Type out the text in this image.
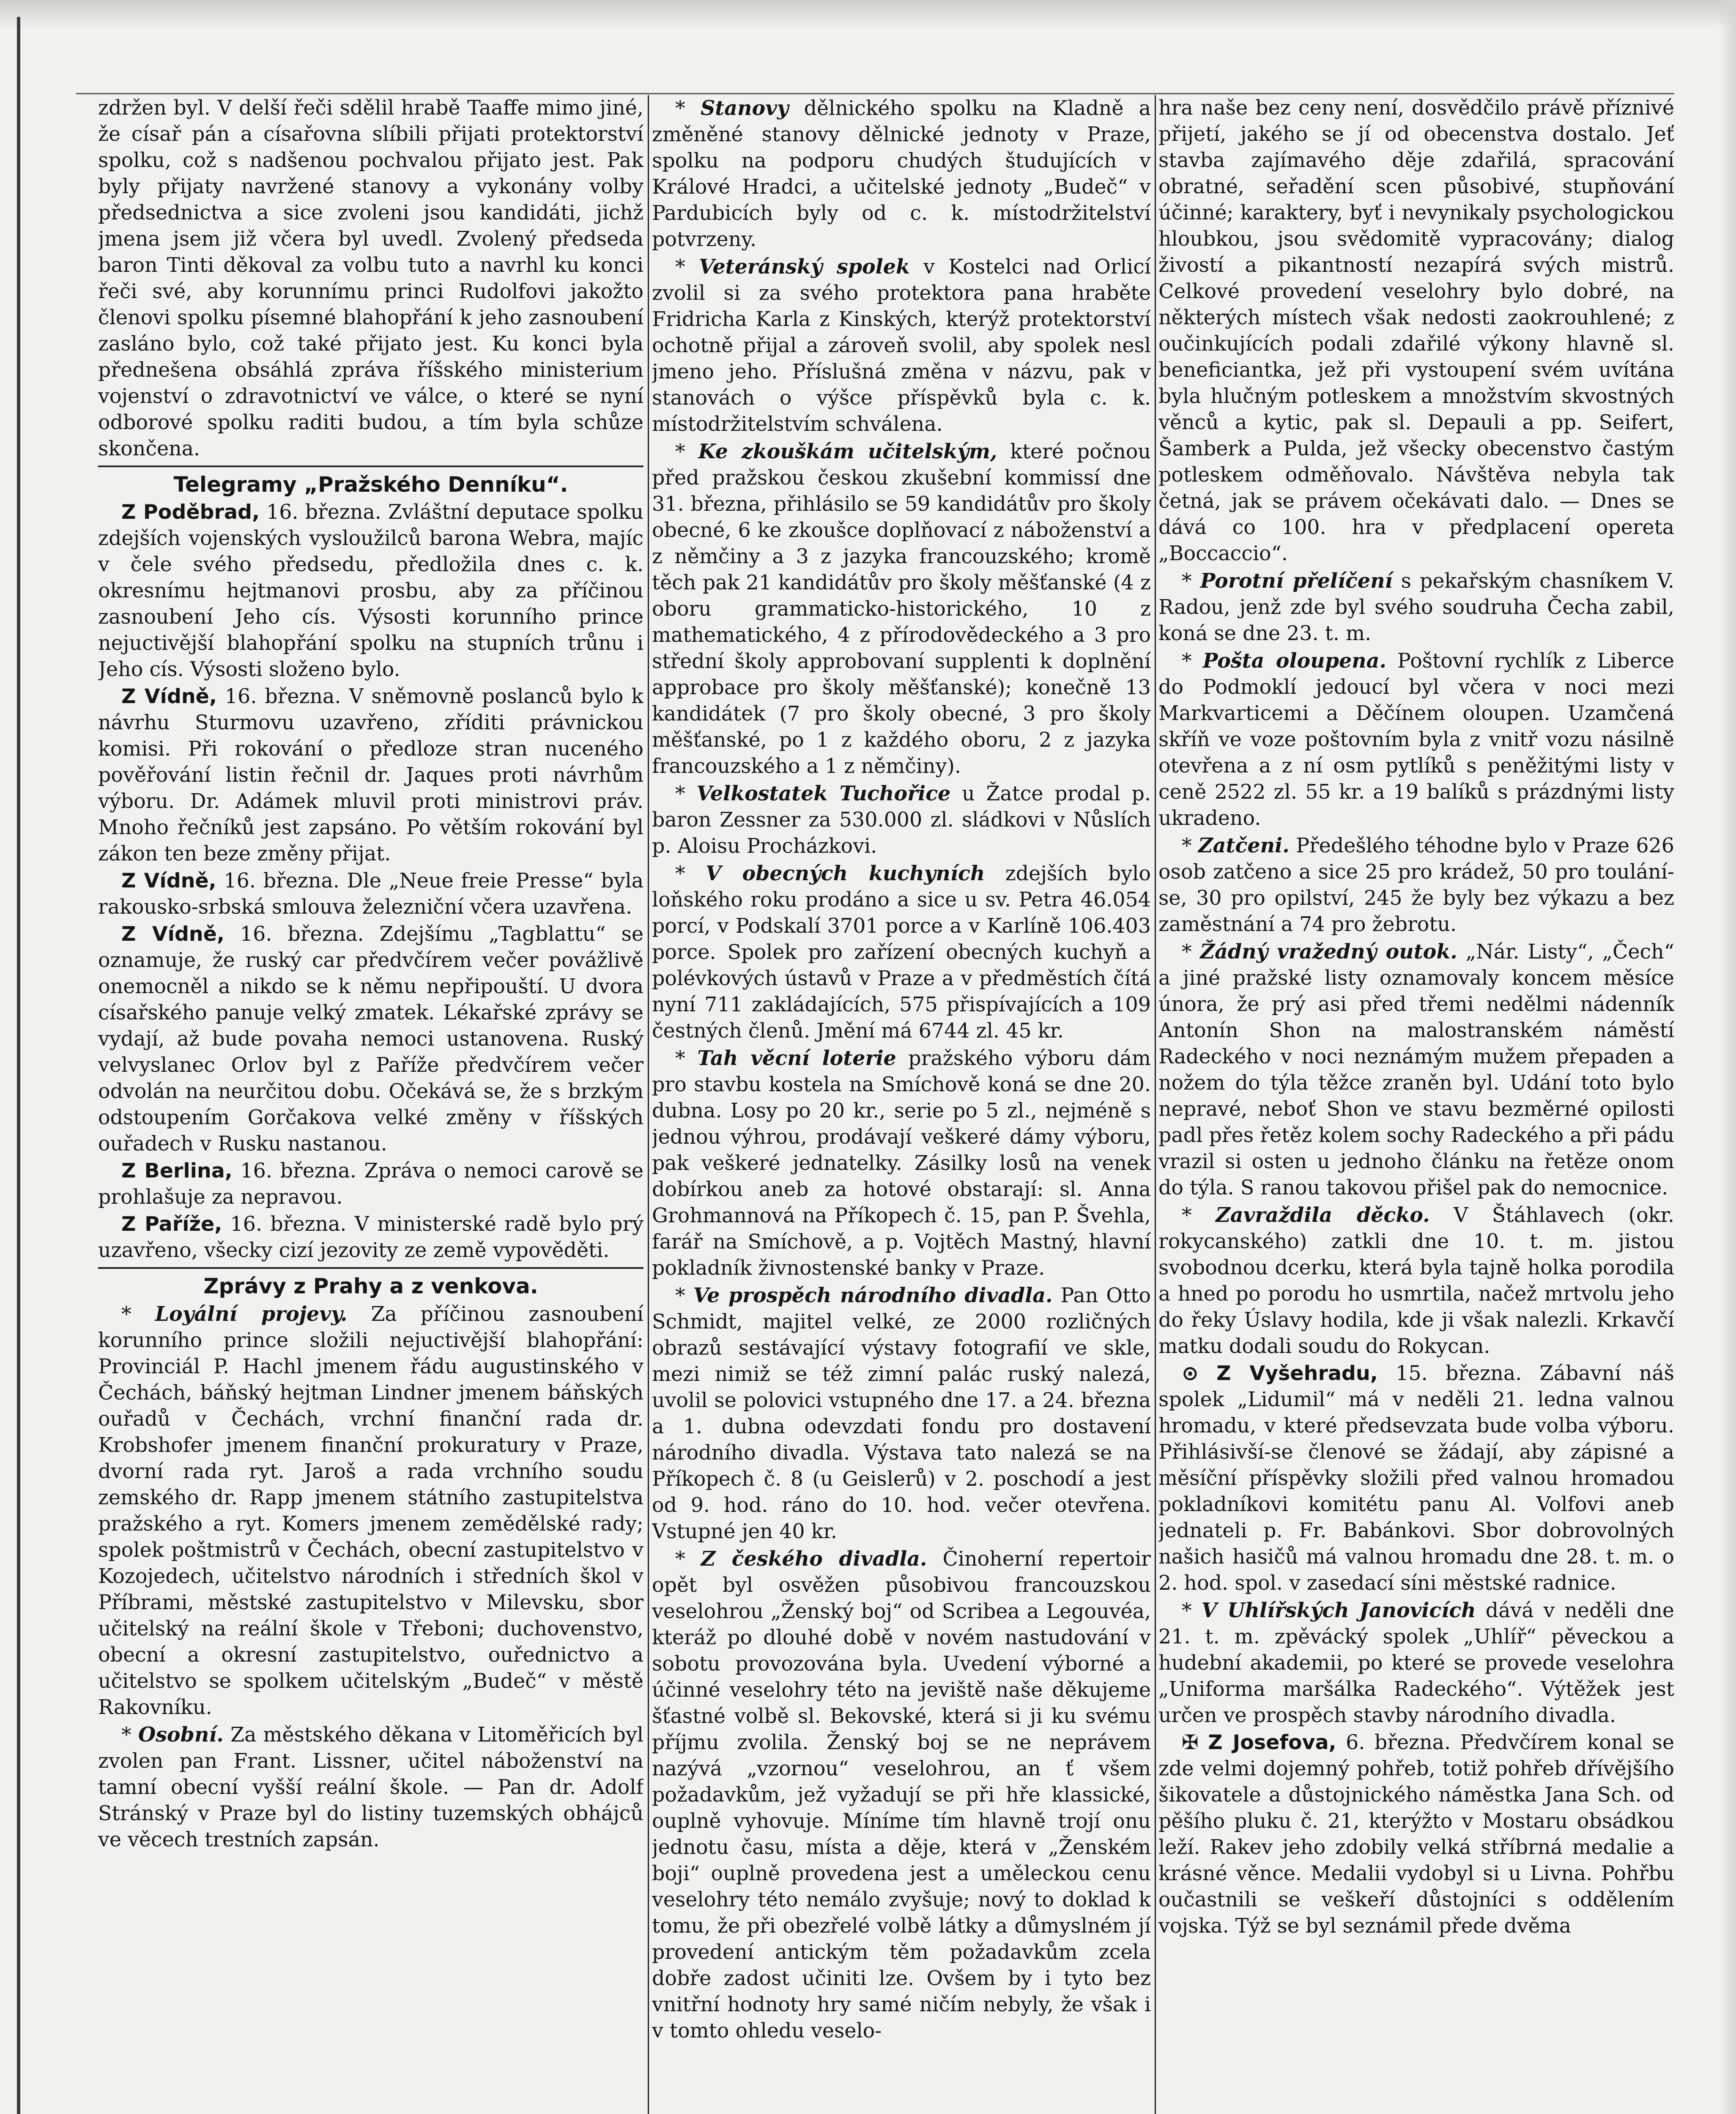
zdržen byl. V delší řeči sdělil hrabě Taaffe mimo jiné, že císař pán a císařovna slíbili přijati protektorství spolku, což s nadšenou pochvalou přijato jest. Pak byly přijaty navržené stanovy a vykonány volby předsednictva a sice zvoleni jsou kandidáti, jichž jmena jsem již včera byl uvedl. Zvolený předseda baron Tinti děkoval za volbu tuto a navrhl ku konci řeči své, aby korunnímu princi Rudolfovi jakožto členovi spolku písemné blahopřání k jeho zasnoubení zasláno bylo, což také přijato jest. Ku konci byla přednešena obsáhlá zpráva říšského ministerium vojenství o zdravotnictví ve válce, o které se nyní odborové spolku raditi budou, a tím byla schůze skončena.

Telegramy „Pražského Denníku“.

Z Poděbrad, 16. března. Zvláštní deputace spolku zdejších vojenských vysloužilců barona Webra, majíc v čele svého předsedu, předložila dnes c. k. okresnímu hejtmanovi prosbu, aby za příčinou zasnoubení Jeho cís. Výsosti korunního prince nejuctivější blahopřání spolku na stupních trůnu i Jeho cís. Výsosti složeno bylo.

Z Vídně, 16. března. V sněmovně poslanců bylo k návrhu Sturmovu uzavřeno, zříditi právnickou komisi. Při rokování o předloze stran nuceného pověřování listin řečnil dr. Jaques proti návrhům výboru. Dr. Adámek mluvil proti ministrovi práv. Mnoho řečníků jest zapsáno. Po větším rokování byl zákon ten beze změny přijat.

Z Vídně, 16. března. Dle „Neue freie Presse“ byla rakousko-srbská smlouva železniční včera uzavřena.

Z Vídně, 16. března. Zdejšímu „Tagblattu“ se oznamuje, že ruský car předvčírem večer povážlivě onemocněl a nikdo se k němu nepřipouští. U dvora císařského panuje velký zmatek. Lékařské zprávy se vydají, až bude povaha nemoci ustanovena. Ruský velvyslanec Orlov byl z Paříže předvčírem večer odvolán na neurčitou dobu. Očekává se, že s brzkým odstoupením Gorčakova velké změny v říšských ouřadech v Rusku nastanou.

Z Berlina, 16. března. Zpráva o nemoci carově se prohlašuje za nepravou.

Z Paříže, 16. března. V ministerské radě bylo prý uzavřeno, všecky cizí jezovity ze země vypověděti.

Zprávy z Prahy a z venkova.

* Loyální projevy. Za příčinou zasnoubení korunního prince složili nejuctivější blahopřání: Provinciál P. Hachl jmenem řádu augustinského v Čechách, báňský hejtman Lindner jmenem báňských ouřadů v Čechách, vrchní finanční rada dr. Krobshofer jmenem finanční prokuratury v Praze, dvorní rada ryt. Jaroš a rada vrchního soudu zemského dr. Rapp jmenem státního zastupitelstva pražského a ryt. Komers jmenem zemědělské rady; spolek poštmistrů v Čechách, obecní zastupitelstvo v Kozojedech, učitelstvo národních i středních škol v Příbrami, městské zastupitelstvo v Milevsku, sbor učitelský na reální škole v Třeboni; duchovenstvo, obecní a okresní zastupitelstvo, ouřednictvo a učitelstvo se spolkem učitelským „Budeč“ v městě Rakovníku.

* Osobní. Za městského děkana v Litoměřicích byl zvolen pan Frant. Lissner, učitel náboženství na tamní obecní vyšší reální škole. — Pan dr. Adolf Stránský v Praze byl do listiny tuzemských obhájců ve věcech trestních zapsán.

* Stanovy dělnického spolku na Kladně a změněné stanovy dělnické jednoty v Praze, spolku na podporu chudých študujících v Králové Hradci, a učitelské jednoty „Budeč“ v Pardubicích byly od c. k. místodržitelství potvrzeny.

* Veteránský spolek v Kostelci nad Orlicí zvolil si za svého protektora pana hraběte Fridricha Karla z Kinských, kterýž protektorství ochotně přijal a zároveň svolil, aby spolek nesl jmeno jeho. Příslušná změna v názvu, pak v stanovách o výšce příspěvků byla c. k. místodržitelstvím schválena.

* Ke zkouškám učitelským, které počnou před pražskou českou zkušební kommissí dne 31. března, přihlásilo se 59 kandidátův pro školy obecné, 6 ke zkoušce doplňovací z náboženství a z němčiny a 3 z jazyka francouzského; kromě těch pak 21 kandidátův pro školy měšťanské (4 z oboru grammaticko-historického, 10 z mathematického, 4 z přírodovědeckého a 3 pro střední školy approbovaní supplenti k doplnění approbace pro školy měšťanské); konečně 13 kandidátek (7 pro školy obecné, 3 pro školy měšťanské, po 1 z každého oboru, 2 z jazyka francouzského a 1 z němčiny).

* Velkostatek Tuchořice u Žatce prodal p. baron Zessner za 530.000 zl. sládkovi v Nůslích p. Aloisu Procházkovi.

* V obecných kuchyních zdejších bylo loňského roku prodáno a sice u sv. Petra 46.054 porcí, v Podskalí 3701 porce a v Karlíně 106.403 porce. Spolek pro zařízení obecných kuchyň a polévkových ústavů v Praze a v předměstích čítá nyní 711 zakládajících, 575 přispívajících a 109 čestných členů. Jmění má 6744 zl. 45 kr.

* Tah věcní loterie pražského výboru dám pro stavbu kostela na Smíchově koná se dne 20. dubna. Losy po 20 kr., serie po 5 zl., nejméně s jednou výhrou, prodávají veškeré dámy výboru, pak veškeré jednatelky. Zásilky losů na venek dobírkou aneb za hotové obstarají: sl. Anna Grohmannová na Příkopech č. 15, pan P. Švehla, farář na Smíchově, a p. Vojtěch Mastný, hlavní pokladník živnostenské banky v Praze.

* Ve prospěch národního divadla. Pan Otto Schmidt, majitel velké, ze 2000 rozličných obrazů sestávající výstavy fotografií ve skle, mezi nimiž se též zimní palác ruský nalezá, uvolil se polovici vstupného dne 17. a 24. března a 1. dubna odevzdati fondu pro dostavení národního divadla. Výstava tato nalezá se na Příkopech č. 8 (u Geislerů) v 2. poschodí a jest od 9. hod. ráno do 10. hod. večer otevřena. Vstupné jen 40 kr.

* Z českého divadla. Činoherní repertoir opět byl osvěžen působivou francouzskou veselohrou „Ženský boj“ od Scribea a Legouvéa, kteráž po dlouhé době v novém nastudování v sobotu provozována byla. Uvedení výborné a účinné veselohry této na jeviště naše děkujeme šťastné volbě sl. Bekovské, která si ji ku svému příjmu zvolila. Ženský boj se ne neprávem nazývá „vzornou“ veselohrou, an ť všem požadavkům, jež vyžadují se při hře klassické, ouplně vyhovuje. Míníme tím hlavně trojí onu jednotu času, místa a děje, která v „Ženském boji“ ouplně provedena jest a uměleckou cenu veselohry této nemálo zvyšuje; nový to doklad k tomu, že při obezřelé volbě látky a důmyslném jí provedení antickým těm požadavkům zcela dobře zadost učiniti lze. Ovšem by i tyto bez vnitřní hodnoty hry samé ničím nebyly, že však i v tomto ohledu veselo-

hra naše bez ceny není, dosvědčilo právě příznivé přijetí, jakého se jí od obecenstva dostalo. Jeť stavba zajímavého děje zdařilá, spracování obratné, seřadění scen působivé, stupňování účinné; karaktery, byť i nevynikaly psychologickou hloubkou, jsou svědomitě vypracovány; dialog živostí a pikantností nezapírá svých mistrů. Celkové provedení veselohry bylo dobré, na některých místech však nedosti zaokrouhlené; z oučinkujících podali zdařilé výkony hlavně sl. beneficiantka, jež při vystoupení svém uvítána byla hlučným potleskem a množstvím skvostných věnců a kytic, pak sl. Depauli a pp. Seifert, Šamberk a Pulda, jež všecky obecenstvo častým potleskem odměňovalo. Návštěva nebyla tak četná, jak se právem očekávati dalo. — Dnes se dává co 100. hra v předplacení opereta „Boccaccio“.

* Porotní přelíčení s pekařským chasníkem V. Radou, jenž zde byl svého soudruha Čecha zabil, koná se dne 23. t. m.

* Pošta oloupena. Poštovní rychlík z Liberce do Podmoklí jedoucí byl včera v noci mezi Markvarticemi a Děčínem oloupen. Uzamčená skříň ve voze poštovním byla z vnitř vozu násilně otevřena a z ní osm pytlíků s peněžitými listy v ceně 2522 zl. 55 kr. a 19 balíků s prázdnými listy ukradeno.

* Zatčeni. Předešlého téhodne bylo v Praze 626 osob zatčeno a sice 25 pro krádež, 50 pro toulání-se, 30 pro opilství, 245 že byly bez výkazu a bez zaměstnání a 74 pro žebrotu.

* Žádný vražedný outok. „Nár. Listy“, „Čech“ a jiné pražské listy oznamovaly koncem měsíce února, že prý asi před třemi nedělmi nádenník Antonín Shon na malostranském náměstí Radeckého v noci neznámým mužem přepaden a nožem do týla těžce zraněn byl. Udání toto bylo nepravé, neboť Shon ve stavu bezměrné opilosti padl přes řetěz kolem sochy Radeckého a při pádu vrazil si osten u jednoho článku na řetěze onom do týla. S ranou takovou přišel pak do nemocnice.

* Zavraždila děcko. V Štáhlavech (okr. rokycanského) zatkli dne 10. t. m. jistou svobodnou dcerku, která byla tajně holka porodila a hned po porodu ho usmrtila, načež mrtvolu jeho do řeky Úslavy hodila, kde ji však nalezli. Krkavčí matku dodali soudu do Rokycan.

⊙ Z Vyšehradu, 15. března. Zábavní náš spolek „Lidumil“ má v neděli 21. ledna valnou hromadu, v které předsevzata bude volba výboru. Přihlásivší-se členové se žádají, aby zápisné a měsíční příspěvky složili před valnou hromadou pokladníkovi komitétu panu Al. Volfovi aneb jednateli p. Fr. Babánkovi. Sbor dobrovolných našich hasičů má valnou hromadu dne 28. t. m. o 2. hod. spol. v zasedací síni městské radnice.

* V Uhlířských Janovicích dává v neděli dne 21. t. m. zpěvácký spolek „Uhlíř“ pěveckou a hudební akademii, po které se provede veselohra „Uniforma maršálka Radeckého“. Výtěžek jest určen ve prospěch stavby národního divadla.

✠ Z Josefova, 6. března. Předvčírem konal se zde velmi dojemný pohřeb, totiž pohřeb dřívějšího šikovatele a důstojnického náměstka Jana Sch. od pěšího pluku č. 21, kterýžto v Mostaru obsádkou leží. Rakev jeho zdobily velká stříbrná medalie a krásné věnce. Medalii vydobyl si u Livna. Pohřbu oučastnili se veškeří důstojníci s oddělením vojska. Týž se byl seznámil přede dvěma
